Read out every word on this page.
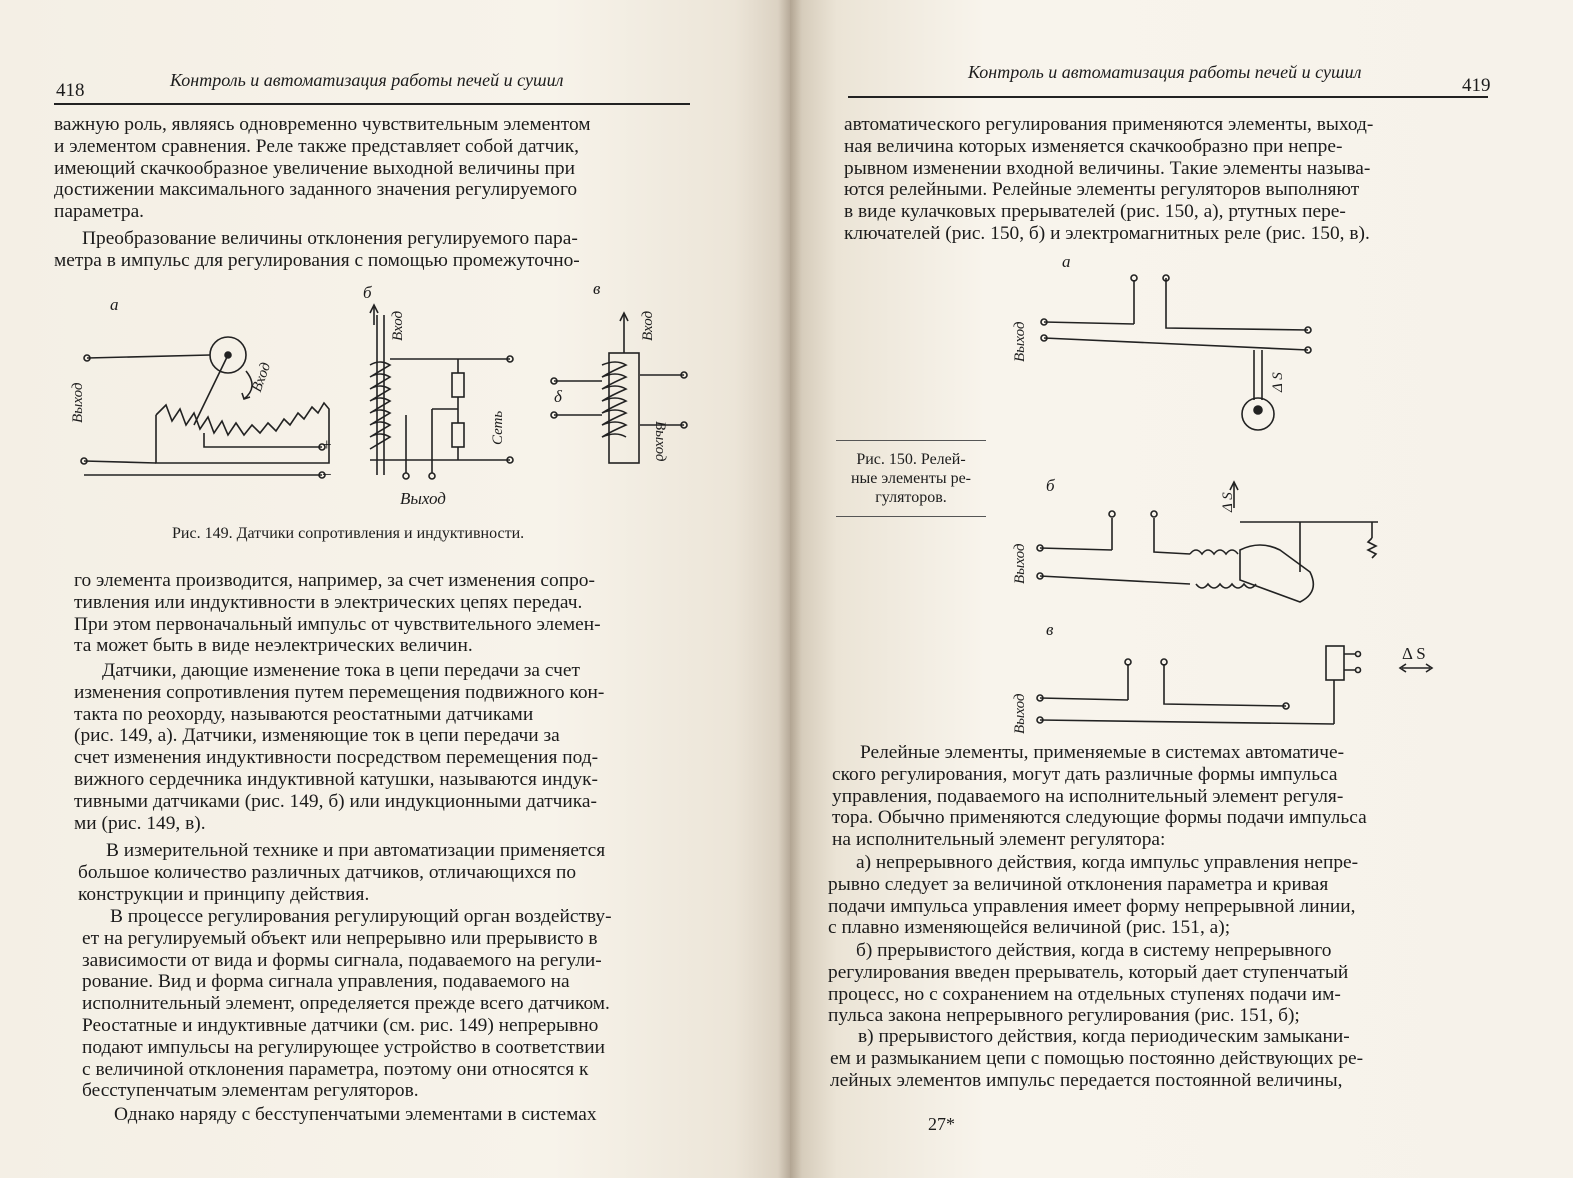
418	Контроль и автоматизация работы печей и сушил

важную роль, являясь одновременно чувствительным элементом

и элементом сравнения. Реле также представляет собой датчик,

имеющий скачкообразное увеличение выходной величины при

достижении максимального заданного значения регулируемого

параметра.

Преобразование величины отклонения регулируемого пара-

метра в импульс для регулирования с помощью промежуточно-

а
б	в
Вход
Выход
+
−
Вход
Сеть
Выход
Вход
δ
Выход
Рис. 149. Датчики сопротивления и индуктивности.

го элемента производится, например, за счет изменения сопро-

тивления или индуктивности в электрических цепях передач.

При этом первоначальный импульс от чувствительного элемен-

та может быть в виде неэлектрических величин.

Датчики, дающие изменение тока в цепи передачи за счет

изменения сопротивления путем перемещения подвижного кон-

такта по реохорду, называются реостатными датчиками

(рис. 149, а). Датчики, изменяющие ток в цепи передачи за

счет изменения индуктивности посредством перемещения под-

вижного сердечника индуктивной катушки, называются индук-

тивными датчиками (рис. 149, б) или индукционными датчика-

ми (рис. 149, в).

В измерительной технике и при автоматизации применяется

большое количество различных датчиков, отличающихся по

конструкции и принципу действия.

В процессе регулирования регулирующий орган воздейству-

ет на регулируемый объект или непрерывно или прерывисто в

зависимости от вида и формы сигнала, подаваемого на регули-

рование. Вид и форма сигнала управления, подаваемого на

исполнительный элемент, определяется прежде всего датчиком.

Реостатные и индуктивные датчики (см. рис. 149) непрерывно

подают импульсы на регулирующее устройство в соответствии

с величиной отклонения параметра, поэтому они относятся к

бесступенчатым элементам регуляторов.

Однако наряду с бесступенчатыми элементами в системах

Контроль и автоматизация работы печей и сушил
419

автоматического регулирования применяются элементы, выход-

ная величина которых изменяется скачкообразно при непре-

рывном изменении входной величины. Такие элементы называ-

ются релейными. Релейные элементы регуляторов выполняют

в виде кулачковых прерывателей (рис. 150, а), ртутных пере-

ключателей (рис. 150, б) и электромагнитных реле (рис. 150, в).

а
б
в
Выход
Выход
Выход
Δ S
Δ S
Δ S
Рис. 150. Релей-
ные элементы ре-
гуляторов.

Релейные элементы, применяемые в системах автоматиче-

ского регулирования, могут дать различные формы импульса

управления, подаваемого на исполнительный элемент регуля-

тора. Обычно применяются следующие формы подачи импульса

на исполнительный элемент регулятора:

а) непрерывного действия, когда импульс управления непре-

рывно следует за величиной отклонения параметра и кривая

подачи импульса управления имеет форму непрерывной линии,

с плавно изменяющейся величиной (рис. 151, а);

б) прерывистого действия, когда в систему непрерывного

регулирования введен прерыватель, который дает ступенчатый

процесс, но с сохранением на отдельных ступенях подачи им-

пульса закона непрерывного регулирования (рис. 151, б);

в) прерывистого действия, когда периодическим замыкани-

ем и размыканием цепи с помощью постоянно действующих ре-

лейных элементов импульс передается постоянной величины,

27*
